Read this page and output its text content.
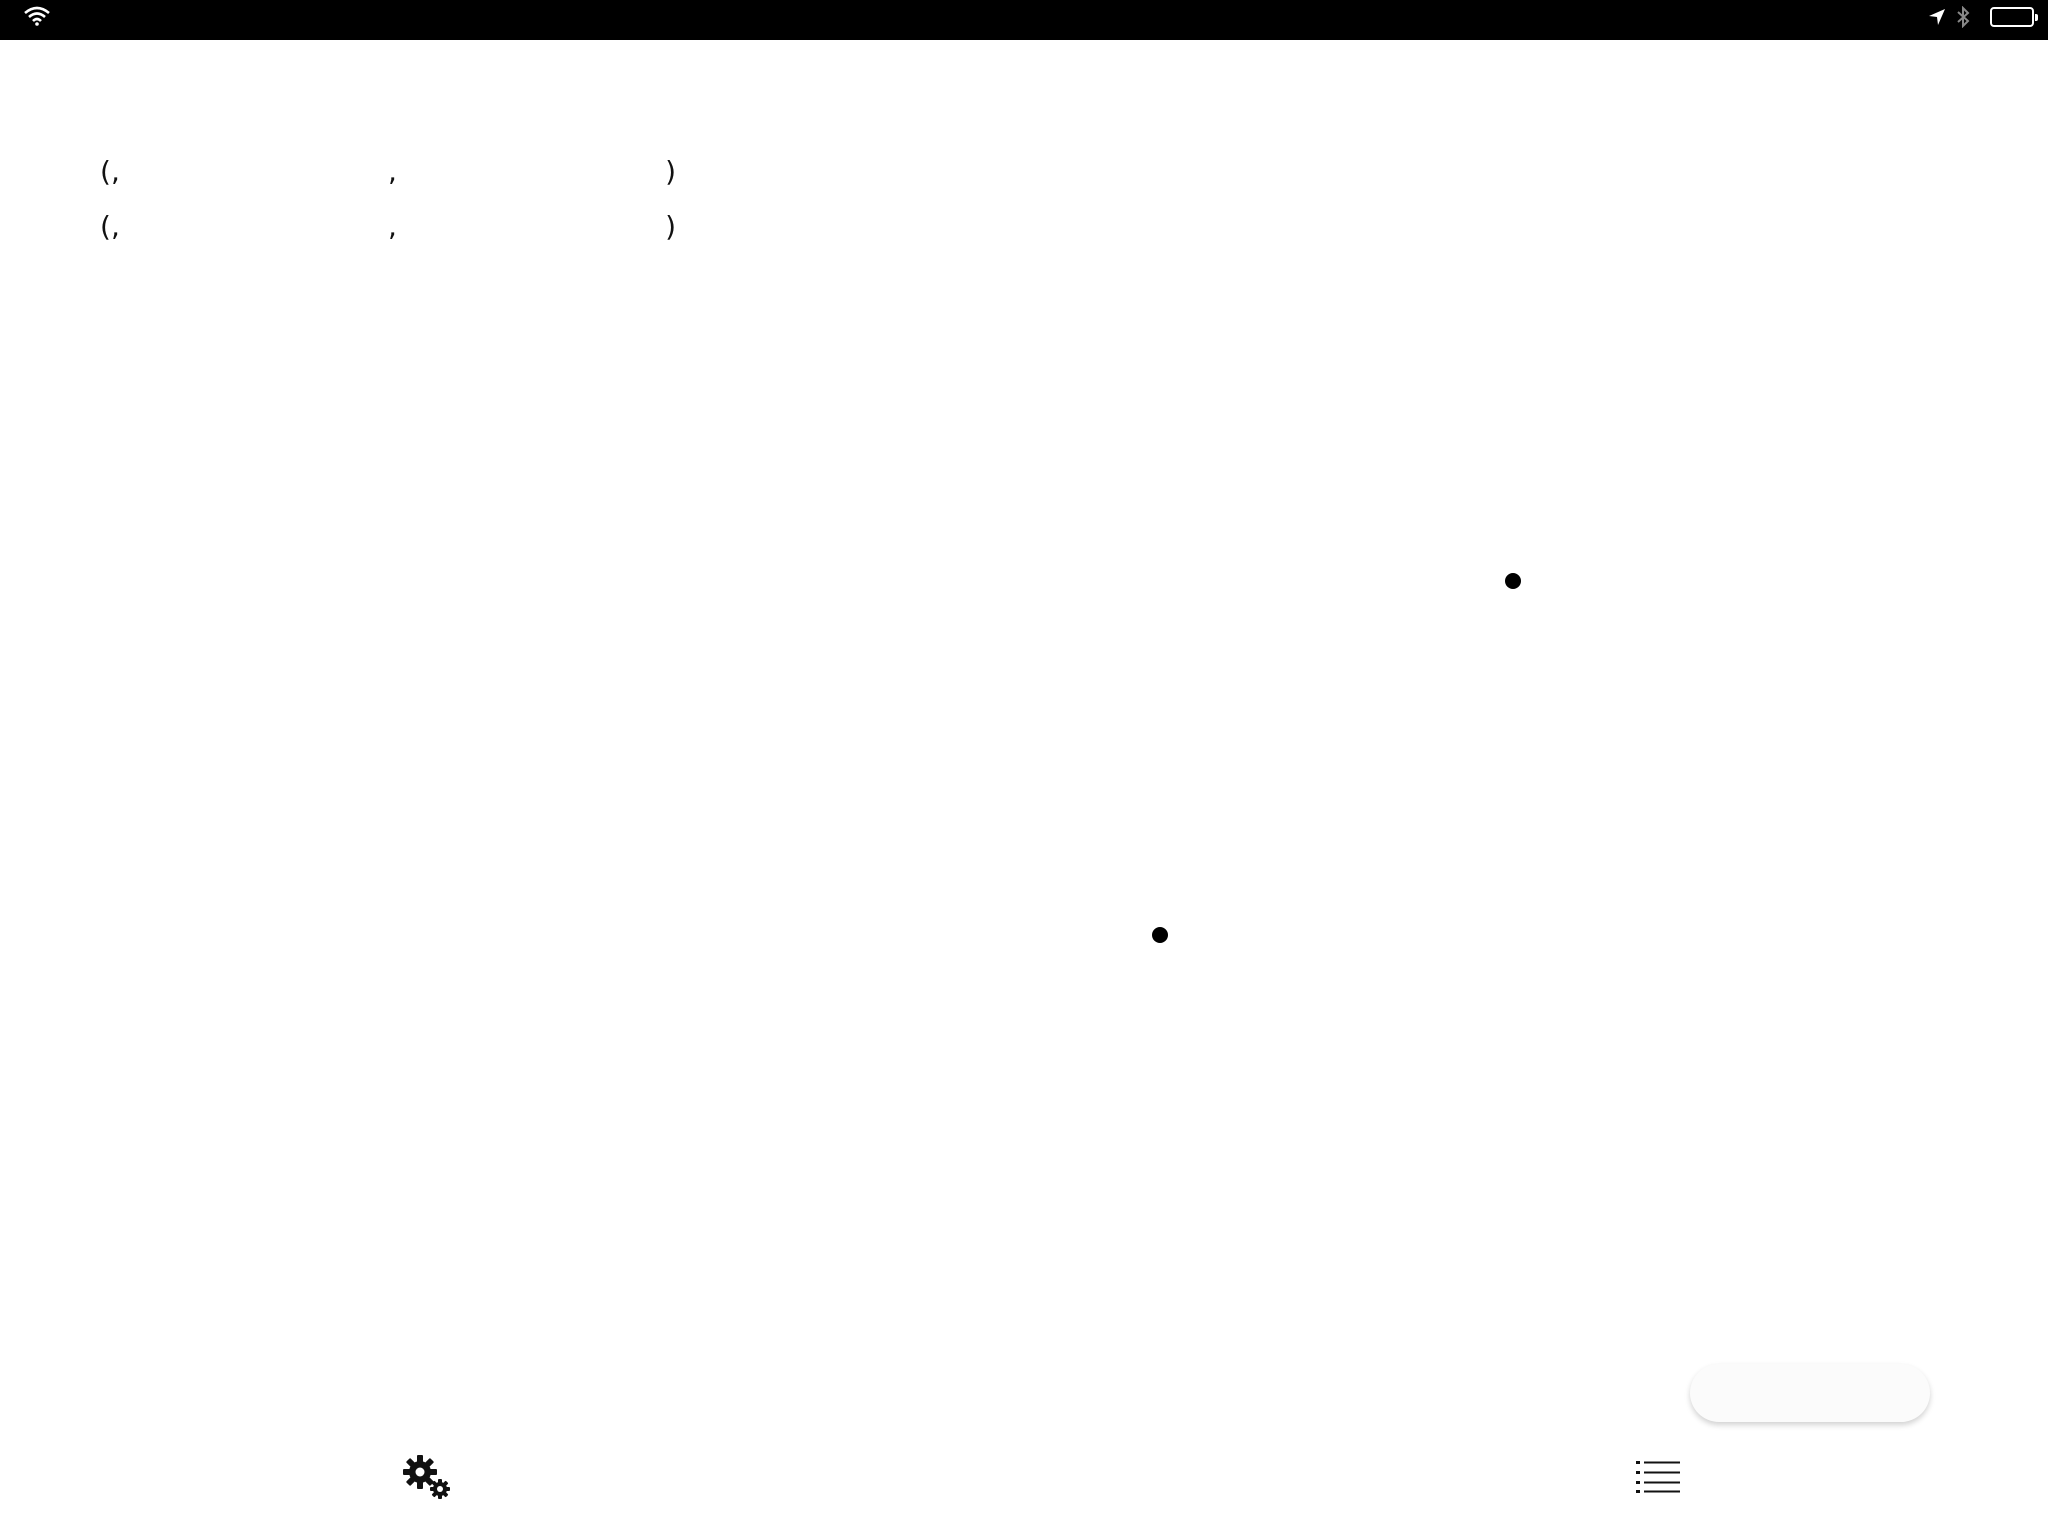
(, , )
(, , )
